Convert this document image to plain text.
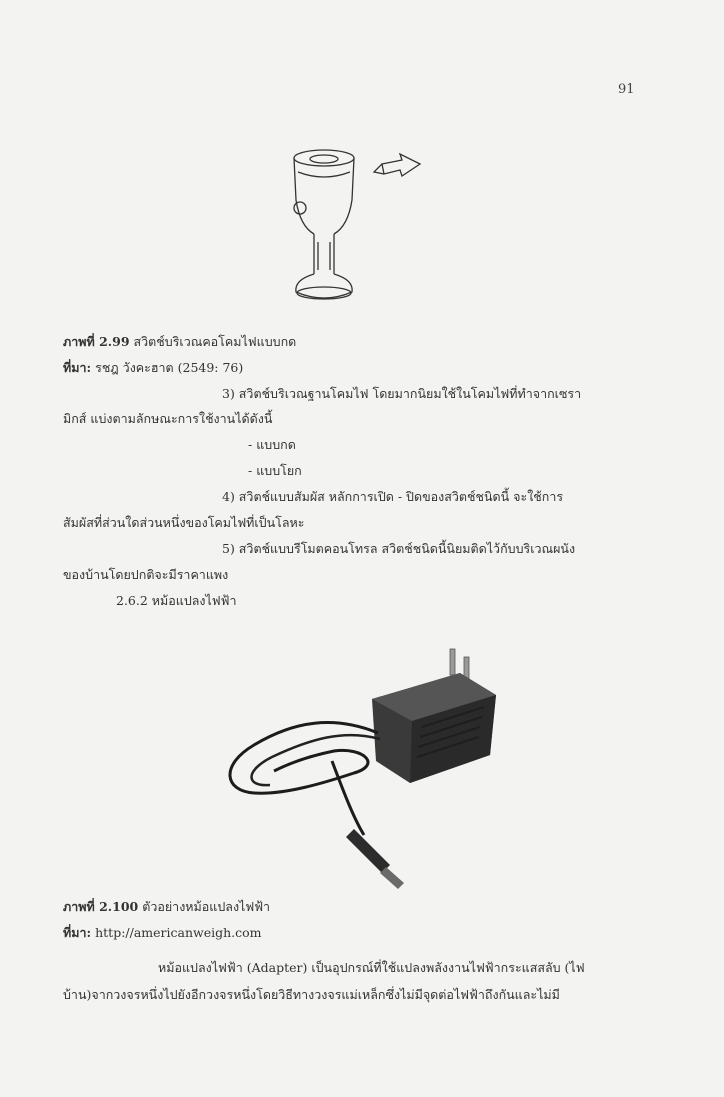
91
ภาพที่ 2.99 สวิตช์บริเวณคอโคมไฟแบบกด
ที่มา: รชฎ วังคะฮาต (2549: 76)
3) สวิตช์บริเวณฐานโคมไฟ โดยมากนิยมใช้ในโคมไฟที่ทำจากเซรา
มิกส์ แบ่งตามลักษณะการใช้งานได้ดังนี้
- แบบกด
- แบบโยก
4) สวิตช์แบบสัมผัส หลักการเปิด - ปิดของสวิตช์ชนิดนี้ จะใช้การ
สัมผัสที่ส่วนใดส่วนหนึ่งของโคมไฟที่เป็นโลหะ
5) สวิตช์แบบรีโมตคอนโทรล สวิตช์ชนิดนี้นิยมติดไว้กับบริเวณผนัง
ของบ้านโดยปกติจะมีราคาแพง
2.6.2 หม้อแปลงไฟฟ้า
ภาพที่ 2.100 ตัวอย่างหม้อแปลงไฟฟ้า
ที่มา: http://americanweigh.com
หม้อแปลงไฟฟ้า (Adapter) เป็นอุปกรณ์ที่ใช้แปลงพลังงานไฟฟ้ากระแสสลับ (ไฟ
บ้าน)จากวงจรหนึ่งไปยังอีกวงจรหนึ่งโดยวิธีทางวงจรแม่เหล็กซึ่งไม่มีจุดต่อไฟฟ้าถึงกันและไม่มี
